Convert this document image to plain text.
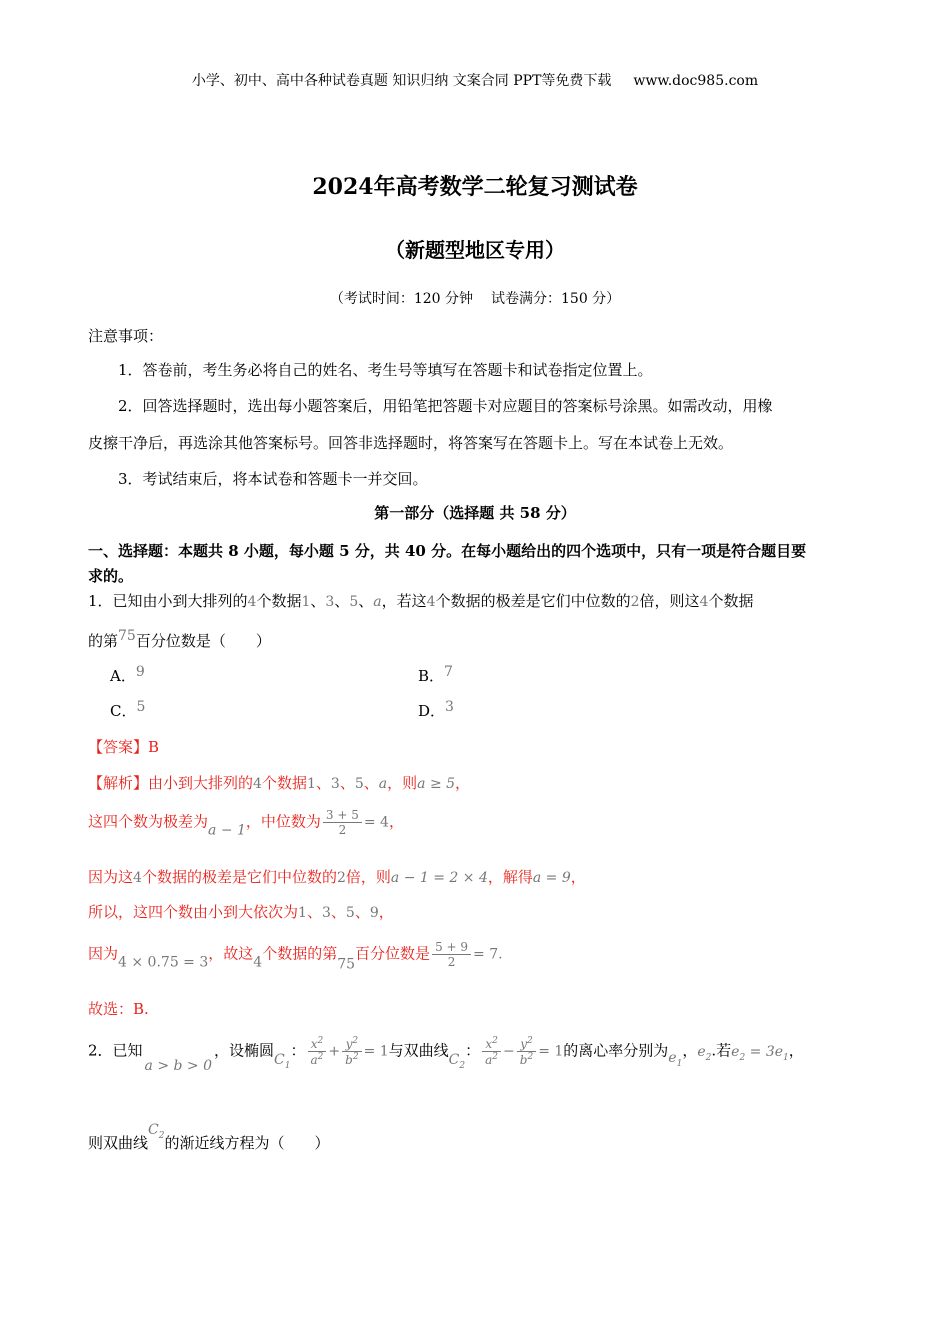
小学、初中、高中各种试卷真题 知识归纳 文案合同 PPT等免费下载 www.doc985.com
2024年高考数学二轮复习测试卷
（新题型地区专用）
（考试时间：120 分钟 试卷满分：150 分）
注意事项：
1．答卷前，考生务必将自己的姓名、考生号等填写在答题卡和试卷指定位置上。
2．回答选择题时，选出每小题答案后，用铅笔把答题卡对应题目的答案标号涂黑。如需改动，用橡
皮擦干净后，再选涂其他答案标号。回答非选择题时，将答案写在答题卡上。写在本试卷上无效。
3．考试结束后，将本试卷和答题卡一并交回。
第一部分（选择题 共 58 分）
一、选择题：本题共 8 小题，每小题 5 分，共 40 分。在每小题给出的四个选项中，只有一项是符合题目要
求的。
1．已知由小到大排列的4个数据1、3、5、a，若这4个数据的极差是它们中位数的2倍，则这4个数据
的第75百分位数是（　　）
A．9	B．7
C．5	D．3
【答案】B
【解析】由小到大排列的4个数据1、3、5、a，则a ≥ 5，
这四个数为极差为a − 1，中位数为 $\frac{3 + 5}{2} = 4$，
因为这4个数据的极差是它们中位数的2倍，则a − 1 = 2 × 4，解得a = 9，
所以，这四个数由小到大依次为1、3、5、9，
因为4 × 0.75 = 3，故这4个数据的第75百分位数是 $\frac{5 + 9}{2} = 7$.
故选：B.
2．已知a > b > 0，设椭圆$C_1$： $\frac{x^2}{a^2} + \frac{y^2}{b^2} = 1$与双曲线$C_2$： $\frac{x^2}{a^2} - \frac{y^2}{b^2} = 1$的离心率分别为$e_1$，$e_2$.若$e_2 = 3e_1$，
则双曲线$C_2$的渐近线方程为（　　）
